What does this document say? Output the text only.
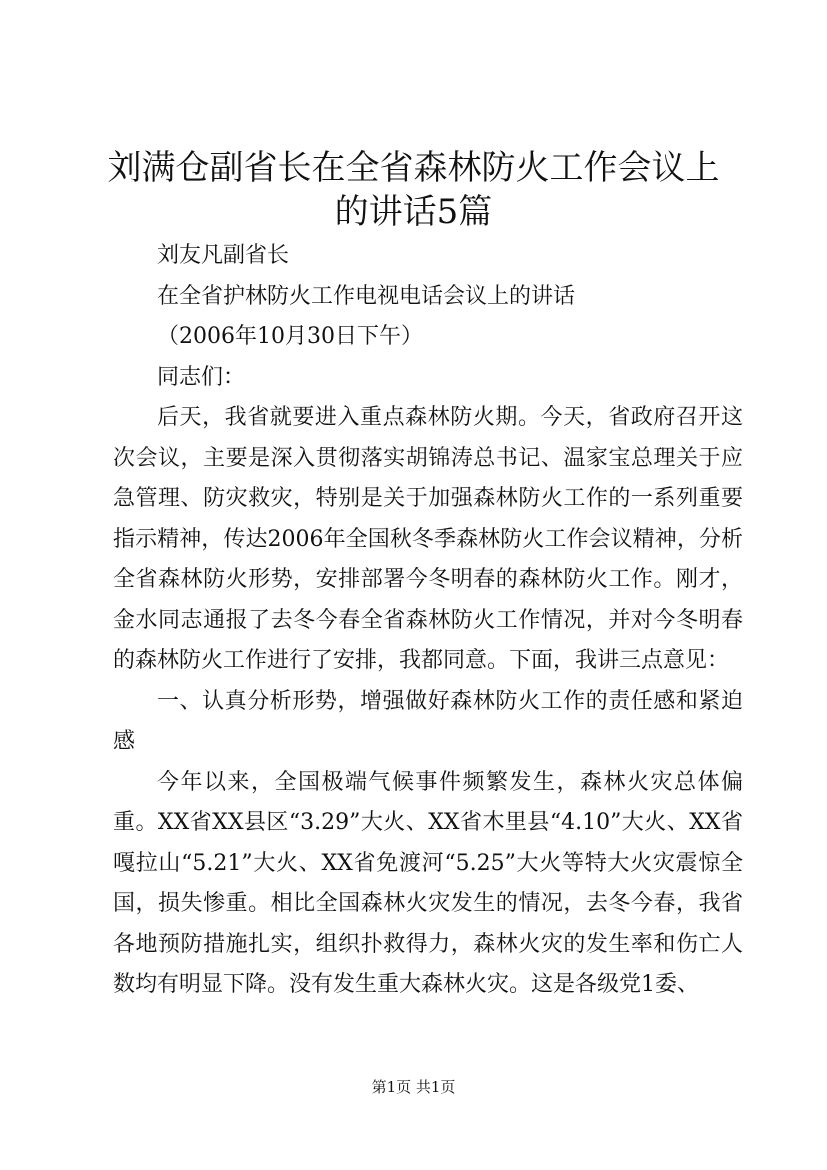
刘满仓副省长在全省森林防火工作会议上的讲话5篇

刘友凡副省长

在全省护林防火工作电视电话会议上的讲话

（2006年10月30日下午）

同志们：

后天，我省就要进入重点森林防火期。今天，省政府召开这次会议，主要是深入贯彻落实胡锦涛总书记、温家宝总理关于应急管理、防灾救灾，特别是关于加强森林防火工作的一系列重要指示精神，传达2006年全国秋冬季森林防火工作会议精神，分析全省森林防火形势，安排部署今冬明春的森林防火工作。刚才，金水同志通报了去冬今春全省森林防火工作情况，并对今冬明春的森林防火工作进行了安排，我都同意。下面，我讲三点意见：

一、认真分析形势，增强做好森林防火工作的责任感和紧迫感

今年以来，全国极端气候事件频繁发生，森林火灾总体偏重。XX省XX县区“3.29”大火、XX省木里县“4.10”大火、XX省嘎拉山“5.21”大火、XX省免渡河“5.25”大火等特大火灾震惊全国，损失惨重。相比全国森林火灾发生的情况，去冬今春，我省各地预防措施扎实，组织扑救得力，森林火灾的发生率和伤亡人数均有明显下降。没有发生重大森林火灾。这是各级党1委、

第1页 共1页
